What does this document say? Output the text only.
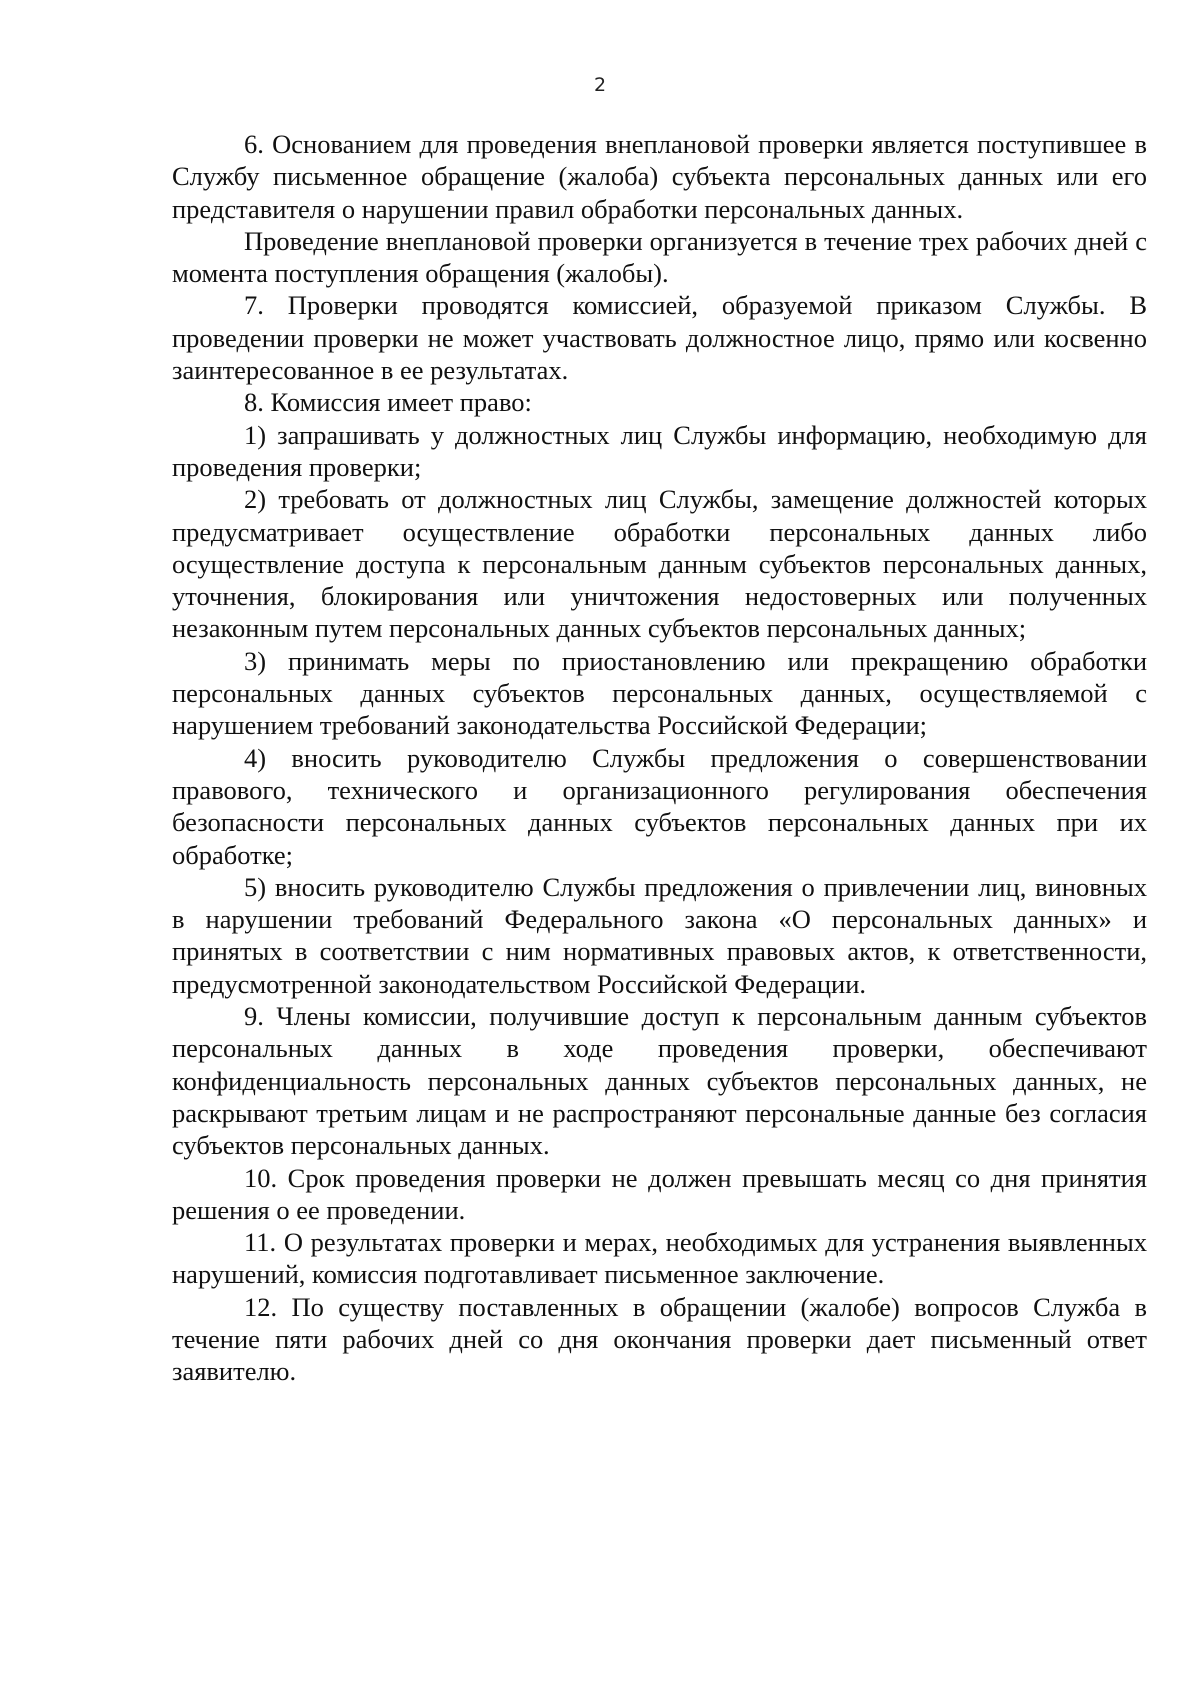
2

6. Основанием для проведения внеплановой проверки является поступившее в Службу письменное обращение (жалоба) субъекта персональных данных или его представителя о нарушении правил обработки персональных данных.

Проведение внеплановой проверки организуется в течение трех рабочих дней с момента поступления обращения (жалобы).

7. Проверки проводятся комиссией, образуемой приказом Службы. В проведении проверки не может участвовать должностное лицо, прямо или косвенно заинтересованное в ее результатах.

8. Комиссия имеет право:

1) запрашивать у должностных лиц Службы информацию, необходимую для проведения проверки;

2) требовать от должностных лиц Службы, замещение должностей которых предусматривает осуществление обработки персональных данных либо осуществление доступа к персональным данным субъектов персональных данных, уточнения, блокирования или уничтожения недостоверных или полученных незаконным путем персональных данных субъектов персональных данных;

3) принимать меры по приостановлению или прекращению обработки персональных данных субъектов персональных данных, осуществляемой с нарушением требований законодательства Российской Федерации;

4) вносить руководителю Службы предложения о совершенствовании правового, технического и организационного регулирования обеспечения безопасности персональных данных субъектов персональных данных при их обработке;

5) вносить руководителю Службы предложения о привлечении лиц, виновных в нарушении требований Федерального закона «О персональных данных» и принятых в соответствии с ним нормативных правовых актов, к ответственности, предусмотренной законодательством Российской Федерации.

9. Члены комиссии, получившие доступ к персональным данным субъектов персональных данных в ходе проведения проверки, обеспечивают конфиденциальность персональных данных субъектов персональных данных, не раскрывают третьим лицам и не распространяют персональные данные без согласия субъектов персональных данных.

10. Срок проведения проверки не должен превышать месяц со дня принятия решения о ее проведении.

11. О результатах проверки и мерах, необходимых для устранения выявленных нарушений, комиссия подготавливает письменное заключение.

12. По существу поставленных в обращении (жалобе) вопросов Служба в течение пяти рабочих дней со дня окончания проверки дает письменный ответ заявителю.
